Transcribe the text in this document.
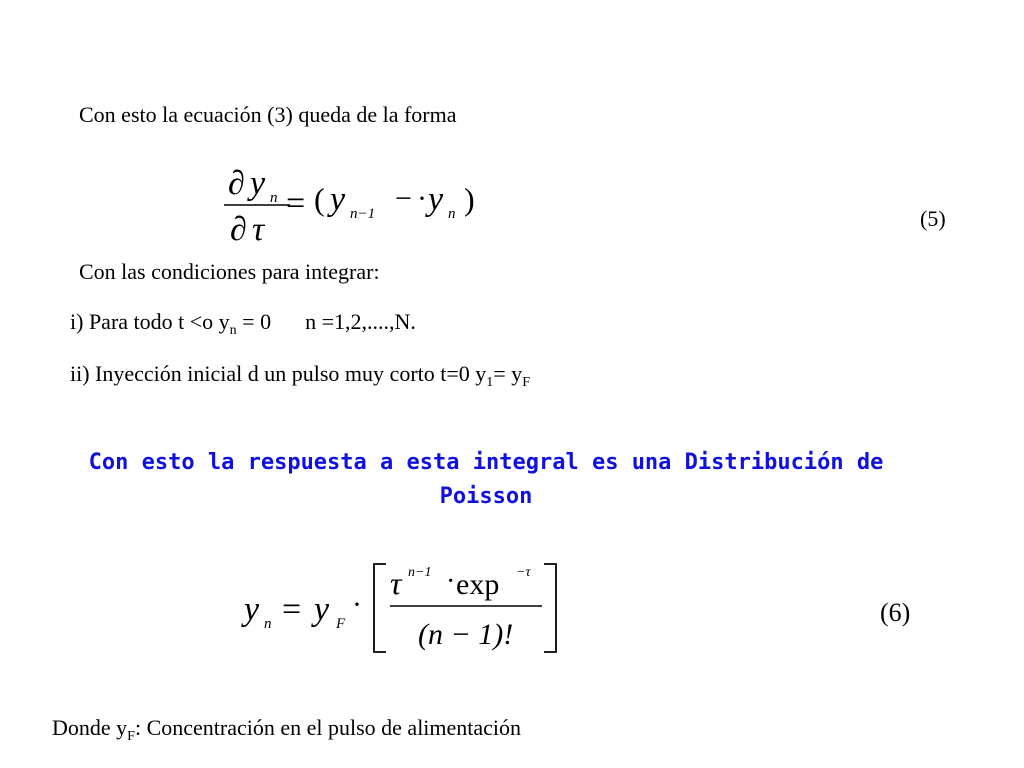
Con esto la ecuación (3) queda de la forma
∂ y n
∂ τ
= ( y n−1 − · y n )
(5)
Con las condiciones para integrar:
i) Para todo t <o $y_n = 0$ n =1,2,....,N.
ii) Inyección inicial d un pulso muy corto t=0 $y_1= y_F$
Con esto la respuesta a esta integral es una Distribución de Poisson
y n = y F
·
τ n−1 · exp −τ
(n − 1)!
(6)
Donde $y_F$: Concentración en el pulso de alimentación
